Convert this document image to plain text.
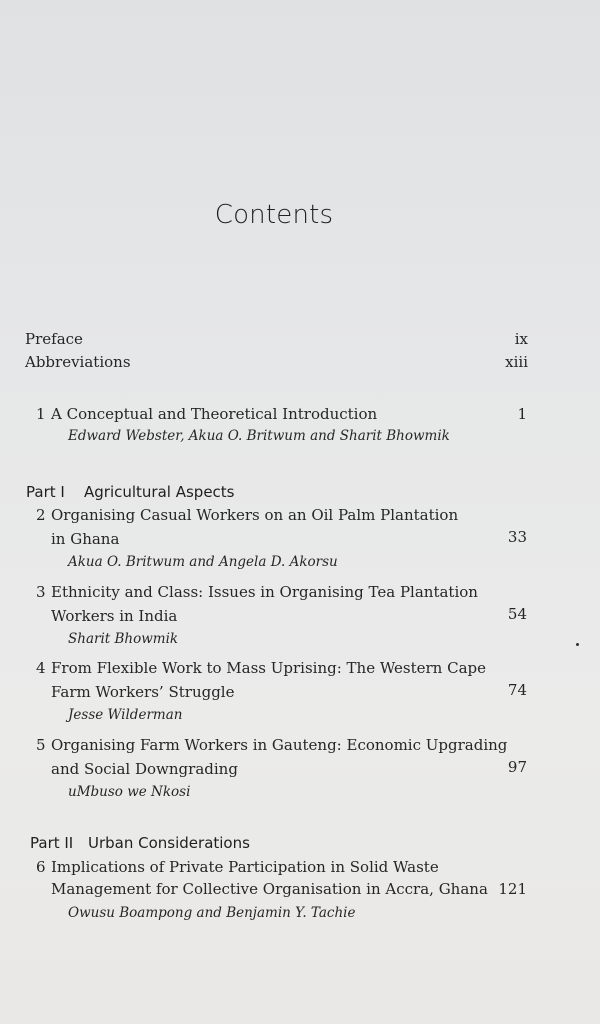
Contents
Preface	ix
Abbreviations	xiii
1 A Conceptual and Theoretical Introduction	1
Edward Webster, Akua O. Britwum and Sharit Bhowmik
Part I Agricultural Aspects
2 Organising Casual Workers on an Oil Palm Plantation
in Ghana	33
Akua O. Britwum and Angela D. Akorsu
3 Ethnicity and Class: Issues in Organising Tea Plantation
Workers in India	54
Sharit Bhowmik
4 From Flexible Work to Mass Uprising: The Western Cape
Farm Workers’ Struggle	74
Jesse Wilderman
5 Organising Farm Workers in Gauteng: Economic Upgrading
and Social Downgrading	97
uMbuso we Nkosi
Part II Urban Considerations
6 Implications of Private Participation in Solid Waste
Management for Collective Organisation in Accra, Ghana 121
Owusu Boampong and Benjamin Y. Tachie
